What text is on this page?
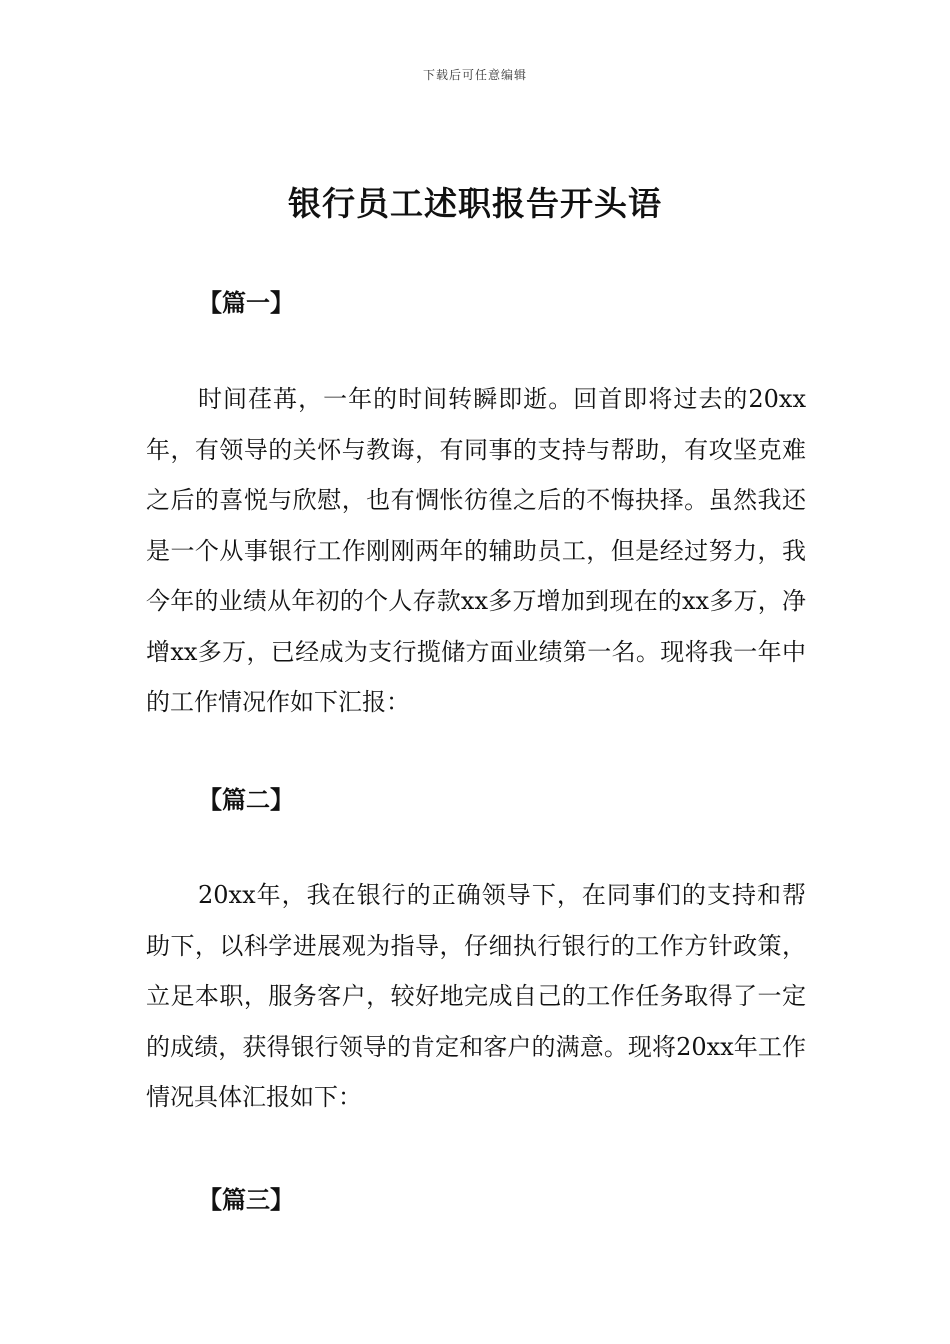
下载后可任意编辑
银行员工述职报告开头语
【篇一】

时间荏苒，一年的时间转瞬即逝。回首即将过去的20xx年，有领导的关怀与教诲，有同事的支持与帮助，有攻坚克难之后的喜悦与欣慰，也有惆怅彷徨之后的不悔抉择。虽然我还是一个从事银行工作刚刚两年的辅助员工，但是经过努力，我今年的业绩从年初的个人存款xx多万增加到现在的xx多万，净增xx多万，已经成为支行揽储方面业绩第一名。现将我一年中的工作情况作如下汇报：

【篇二】

20xx年，我在银行的正确领导下，在同事们的支持和帮助下，以科学进展观为指导，仔细执行银行的工作方针政策，立足本职，服务客户，较好地完成自己的工作任务取得了一定的成绩，获得银行领导的肯定和客户的满意。现将20xx年工作情况具体汇报如下：

【篇三】
